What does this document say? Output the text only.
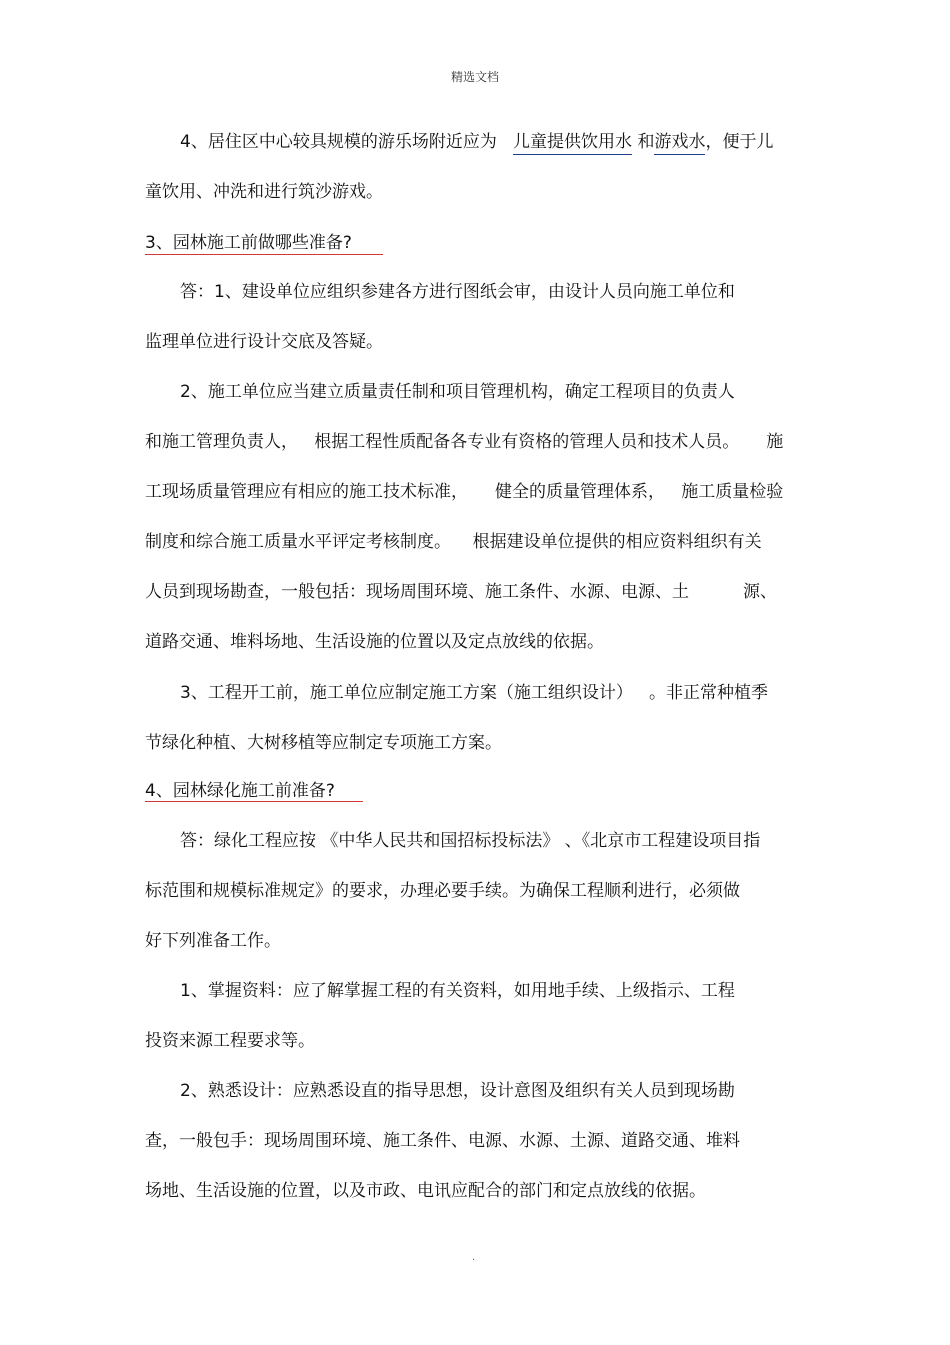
精选文档
4、居住区中心较具规模的游乐场附近应为 儿童提供饮用水 和游戏水，便于儿
童饮用、冲洗和进行筑沙游戏。
3、园林施工前做哪些准备?
答：1、建设单位应组织参建各方进行图纸会审，由设计人员向施工单位和
监理单位进行设计交底及答疑。
2、施工单位应当建立质量责任制和项目管理机构，确定工程项目的负责人
和施工管理负责人，   根据工程性质配备各专业有资格的管理人员和技术人员。     施
工现场质量管理应有相应的施工技术标准，     健全的质量管理体系，   施工质量检验
制度和综合施工质量水平评定考核制度。    根据建设单位提供的相应资料组织有关
人员到现场勘查，一般包括：现场周围环境、施工条件、水源、电源、土          源、
道路交通、堆料场地、生活设施的位置以及定点放线的依据。
3、工程开工前，施工单位应制定施工方案（施工组织设计）   。非正常种植季
节绿化种植、大树移植等应制定专项施工方案。
4、园林绿化施工前准备?
答：绿化工程应按 《中华人民共和国招标投标法》 、《北京市工程建设项目指
标范围和规模标准规定》的要求，办理必要手续。为确保工程顺利进行，必须做
好下列准备工作。
1、掌握资料：应了解掌握工程的有关资料，如用地手续、上级指示、工程
投资来源工程要求等。
2、熟悉设计：应熟悉设直的指导思想，设计意图及组织有关人员到现场勘
查，一般包手：现场周围环境、施工条件、电源、水源、土源、道路交通、堆料
场地、生活设施的位置，以及市政、电讯应配合的部门和定点放线的依据。
.
